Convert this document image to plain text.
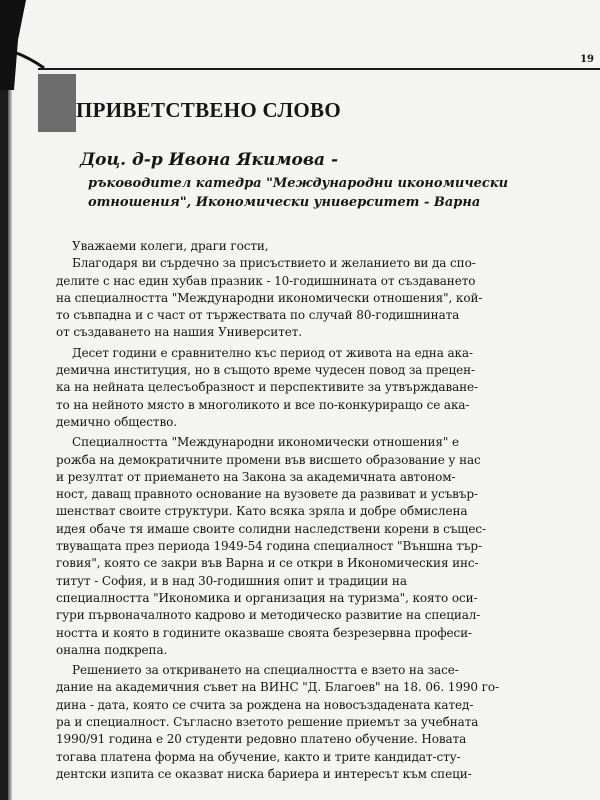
19
ПРИВЕТСТВЕНО СЛОВО
Доц. д-р Ивона Якимова -
ръководител катедра "Международни икономически
отношения", Икономически университет - Варна

Уважаеми колеги, драги гости,

Благодаря ви сърдечно за присъствието и желанието ви да спо-
делите с нас един хубав празник - 10-годишнината от създаването
на специалността "Международни икономически отношения", кой-
то съвпадна и с част от тържествата по случай 80-годишнината
от създаването на нашия Университет.

Десет години е сравнително къс период от живота на една ака-
демична институция, но в същото време чудесен повод за прецен-
ка на нейната целесъобразност и перспективите за утвърждаване-
то на нейното място в многоликото и все по-конкуриращо се ака-
демично общество.

Специалността "Международни икономически отношения" е
рожба на демократичните промени във висшето образование у нас
и резултат от приемането на Закона за академичната автоном-
ност, даващ правното основание на вузовете да развиват и усъвър-
шенстват своите структури. Като всяка зряла и добре обмислена
идея обаче тя имаше своите солидни наследствени корени в същес-
твуващата през периода 1949-54 година специалност "Външна тър-
говия", която се закри във Варна и се откри в Икономическия инс-
титут - София, и в над 30-годишния опит и традиции на
специалността "Икономика и организация на туризма", която оси-
гури първоначалното кадрово и методическо развитие на специал-
ността и която в годините оказваше своята безрезервна професи-
онална подкрепа.

Решението за откриването на специалността е взето на засе-
дание на академичния съвет на ВИНС "Д. Благоев" на 18. 06. 1990 го-
дина - дата, която се счита за рождена на новосъздадената катед-
ра и специалност. Съгласно взетото решение приемът за учебната
1990/91 година е 20 студенти редовно платено обучение. Новата
тогава платена форма на обучение, както и трите кандидат-сту-
дентски изпита се оказват ниска бариера и интересът към специ-
